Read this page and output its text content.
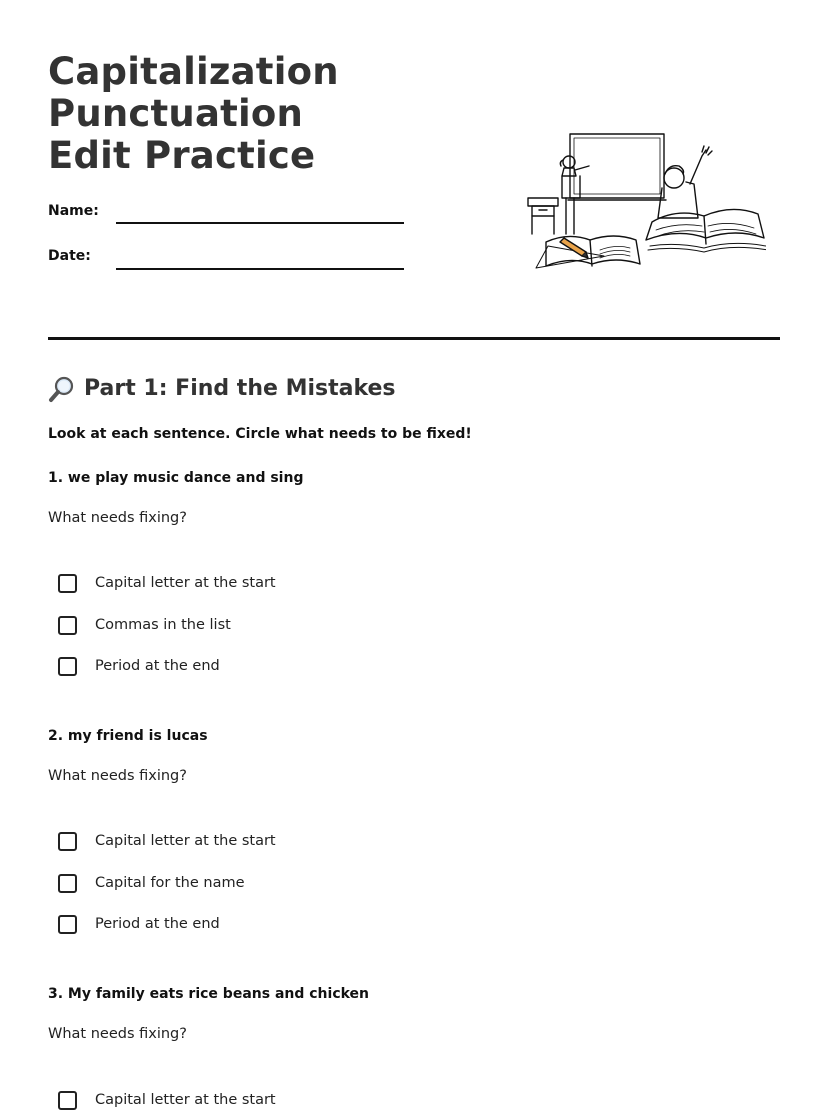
Capitalization Punctuation Edit Practice
Name:
Date:
Part 1: Find the Mistakes
Look at each sentence. Circle what needs to be fixed!
1. we play music dance and sing
What needs fixing?
Capital letter at the start
Commas in the list
Period at the end
2. my friend is lucas
What needs fixing?
Capital letter at the start
Capital for the name
Period at the end
3. My family eats rice beans and chicken
What needs fixing?
Capital letter at the start
